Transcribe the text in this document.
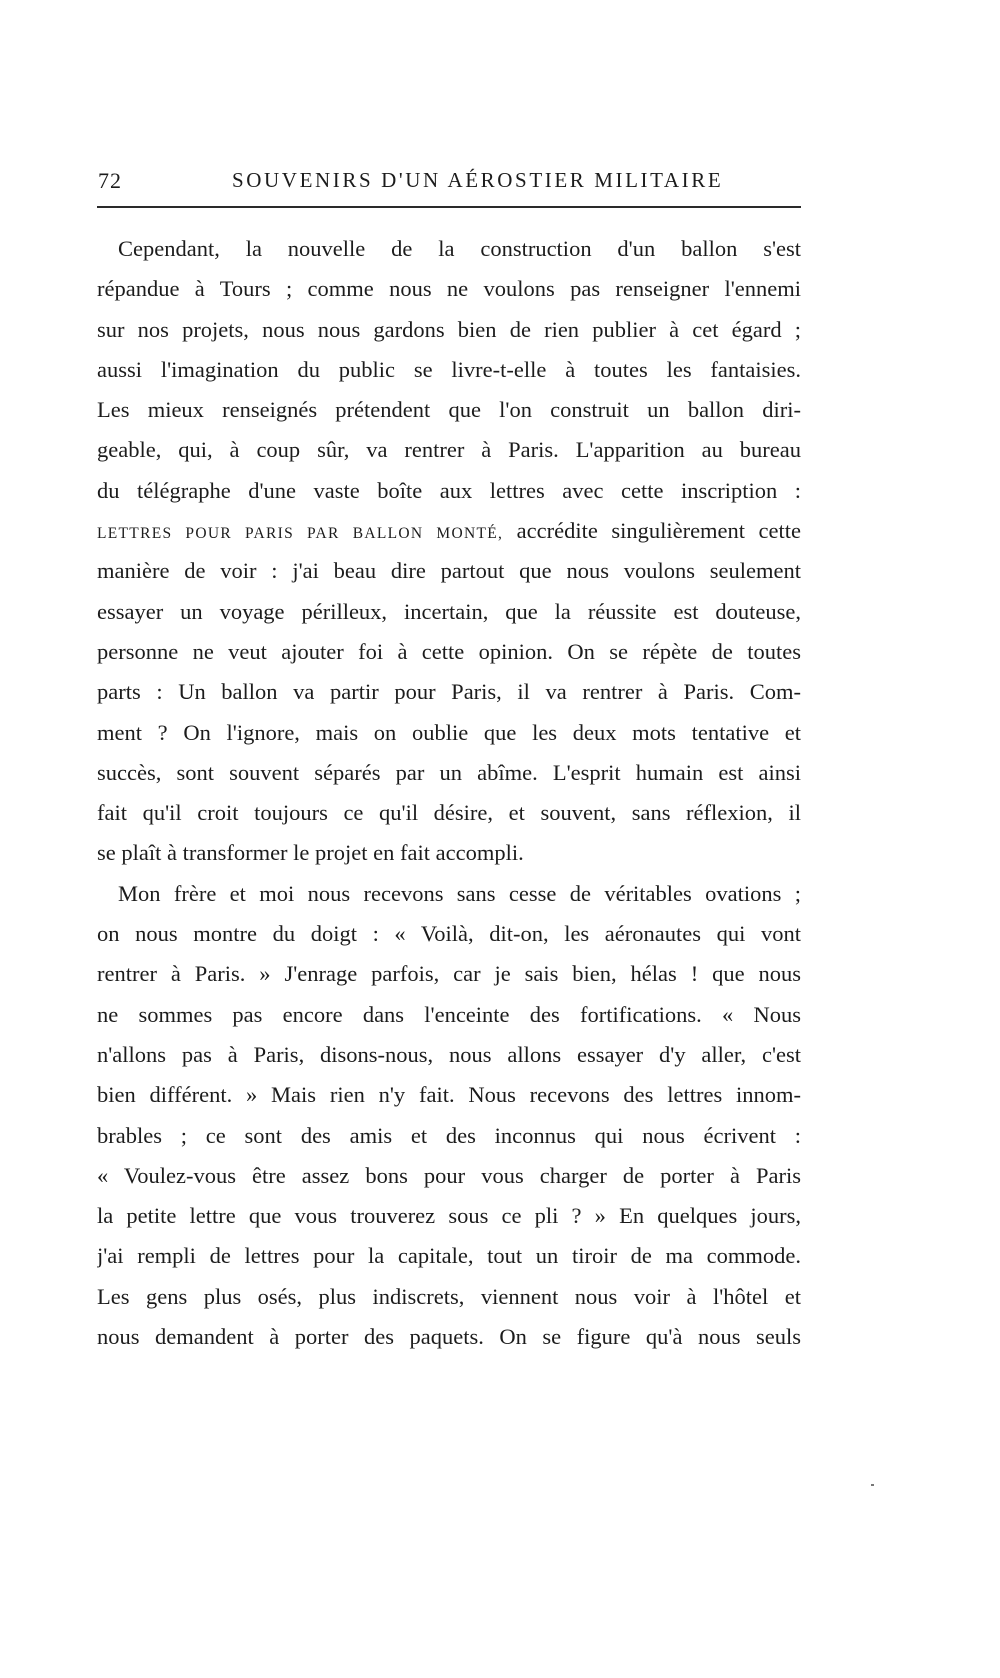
72	SOUVENIRS D'UN AÉROSTIER MILITAIRE
Cependant, la nouvelle de la construction d'un ballon s'est
répandue à Tours ; comme nous ne voulons pas renseigner l'ennemi
sur nos projets, nous nous gardons bien de rien publier à cet égard ;
aussi l'imagination du public se livre-t-elle à toutes les fantaisies.
Les mieux renseignés prétendent que l'on construit un ballon diri-
geable, qui, à coup sûr, va rentrer à Paris. L'apparition au bureau
du télégraphe d'une vaste boîte aux lettres avec cette inscription :
LETTRES POUR PARIS PAR BALLON MONTÉ, accrédite singulièrement cette
manière de voir : j'ai beau dire partout que nous voulons seulement
essayer un voyage périlleux, incertain, que la réussite est douteuse,
personne ne veut ajouter foi à cette opinion. On se répète de toutes
parts : Un ballon va partir pour Paris, il va rentrer à Paris. Com-
ment ? On l'ignore, mais on oublie que les deux mots tentative et
succès, sont souvent séparés par un abîme. L'esprit humain est ainsi
fait qu'il croit toujours ce qu'il désire, et souvent, sans réflexion, il
se plaît à transformer le projet en fait accompli.
Mon frère et moi nous recevons sans cesse de véritables ovations ;
on nous montre du doigt : « Voilà, dit-on, les aéronautes qui vont
rentrer à Paris. » J'enrage parfois, car je sais bien, hélas ! que nous
ne sommes pas encore dans l'enceinte des fortifications. « Nous
n'allons pas à Paris, disons-nous, nous allons essayer d'y aller, c'est
bien différent. » Mais rien n'y fait. Nous recevons des lettres innom-
brables ; ce sont des amis et des inconnus qui nous écrivent :
« Voulez-vous être assez bons pour vous charger de porter à Paris
la petite lettre que vous trouverez sous ce pli ? » En quelques jours,
j'ai rempli de lettres pour la capitale, tout un tiroir de ma commode.
Les gens plus osés, plus indiscrets, viennent nous voir à l'hôtel et
nous demandent à porter des paquets. On se figure qu'à nous seuls
